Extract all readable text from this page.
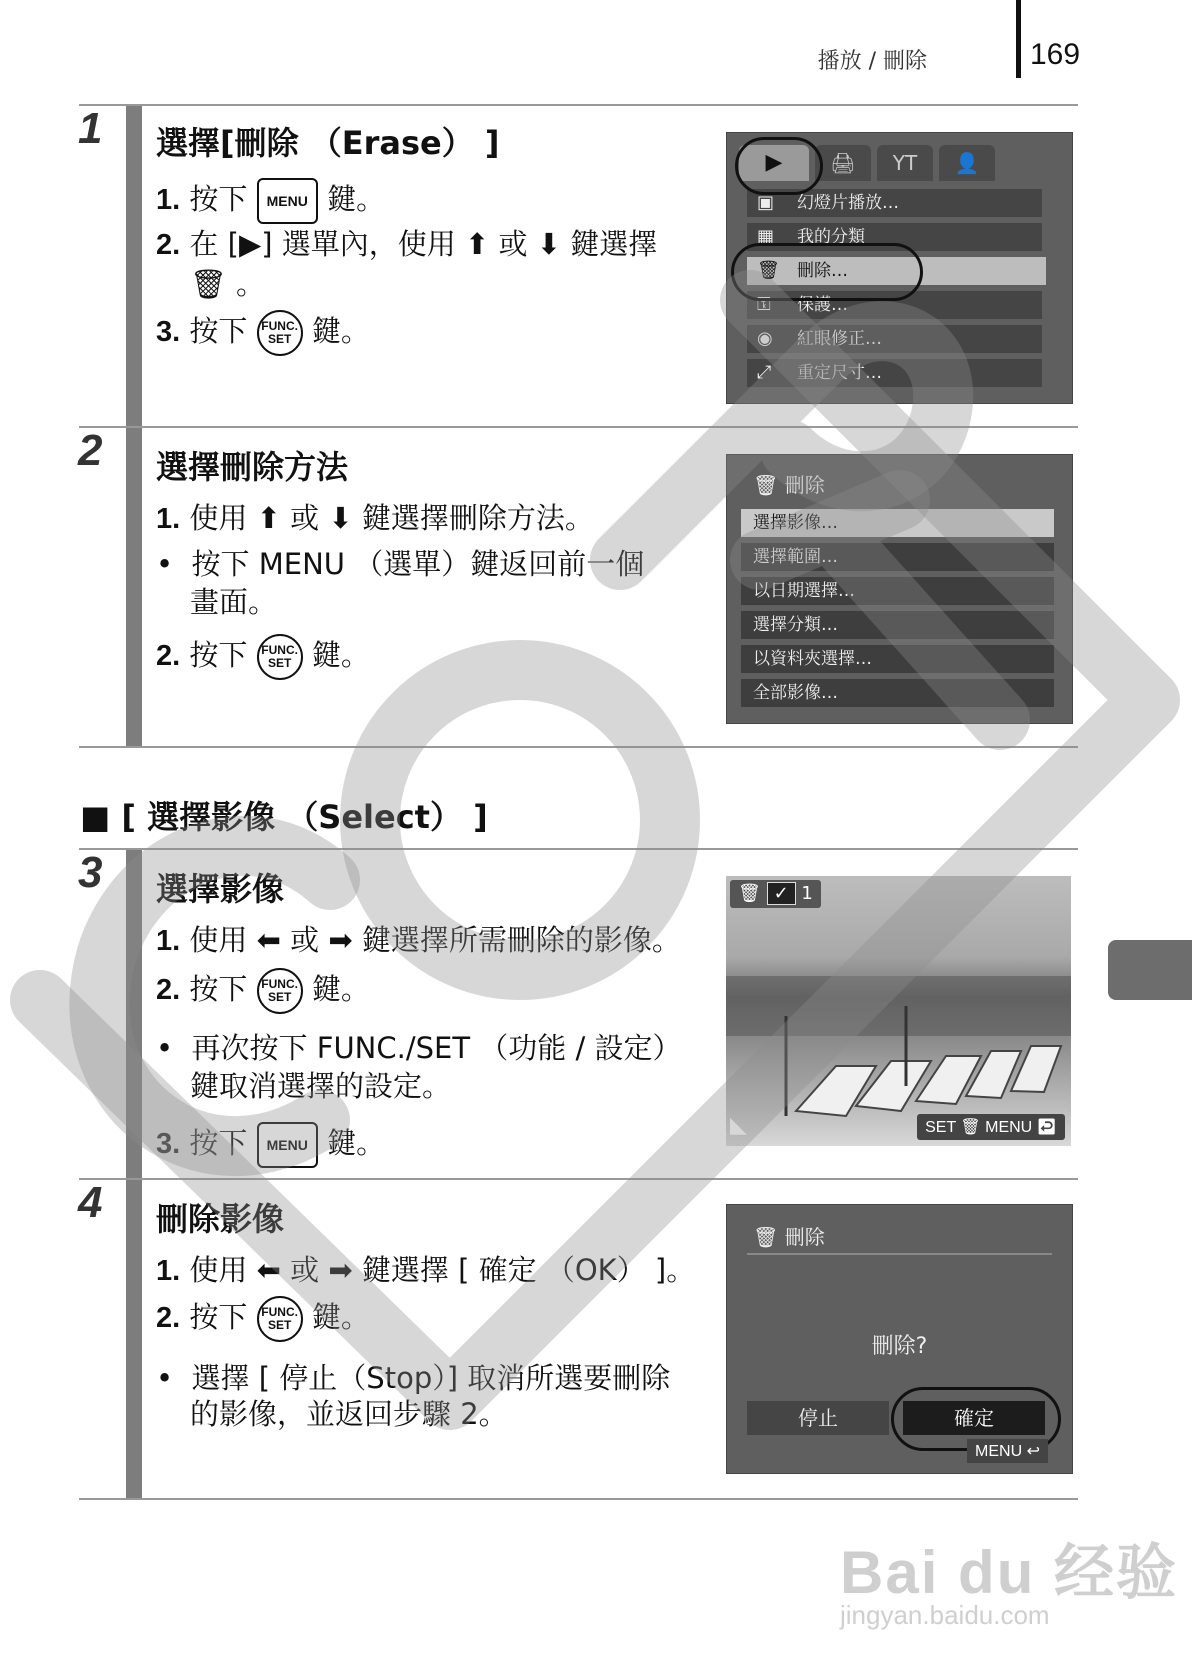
播放 / 刪除	169
1 選擇[刪除 （Erase） ]
1. 按下 MENU 鍵。
2. 在 [▶] 選單內，使用 ⬆ 或 ⬇ 鍵選擇
🗑 。
3. 按下 FUNC.
SET 鍵。
▶	🖨	YT	👤
▣ 幻燈片播放…
▦ 我的分類
🗑 刪除…
⚿ 保護…
◉ 紅眼修正…
⤢ 重定尺寸…
2 選擇刪除方法
1. 使用 ⬆ 或 ⬇ 鍵選擇刪除方法。
• 按下 MENU （選單）鍵返回前一個
畫面。
2. 按下 FUNC.
SET 鍵。
🗑 刪除
選擇影像…
選擇範圍…
以日期選擇…
選擇分類…
以資料夾選擇…
全部影像…
■ [ 選擇影像 （Select） ]
3 選擇影像
1. 使用 ⬅ 或 ➡ 鍵選擇所需刪除的影像。
2. 按下 FUNC.
SET 鍵。
• 再次按下 FUNC./SET （功能 / 設定）
鍵取消選擇的設定。
3. 按下 MENU 鍵。
🗑 ✓ 1
◣	SET 🗑 MENU ↩
4 刪除影像
1. 使用 ⬅ 或 ➡ 鍵選擇 [ 確定 （OK） ]。
2. 按下 FUNC.
SET 鍵。
• 選擇 [ 停止（Stop）] 取消所選要刪除
的影像，並返回步驟 2。
🗑 刪除
刪除?
停止	確定
MENU ↩
COPY
Bai du 经验
jingyan.baidu.com
